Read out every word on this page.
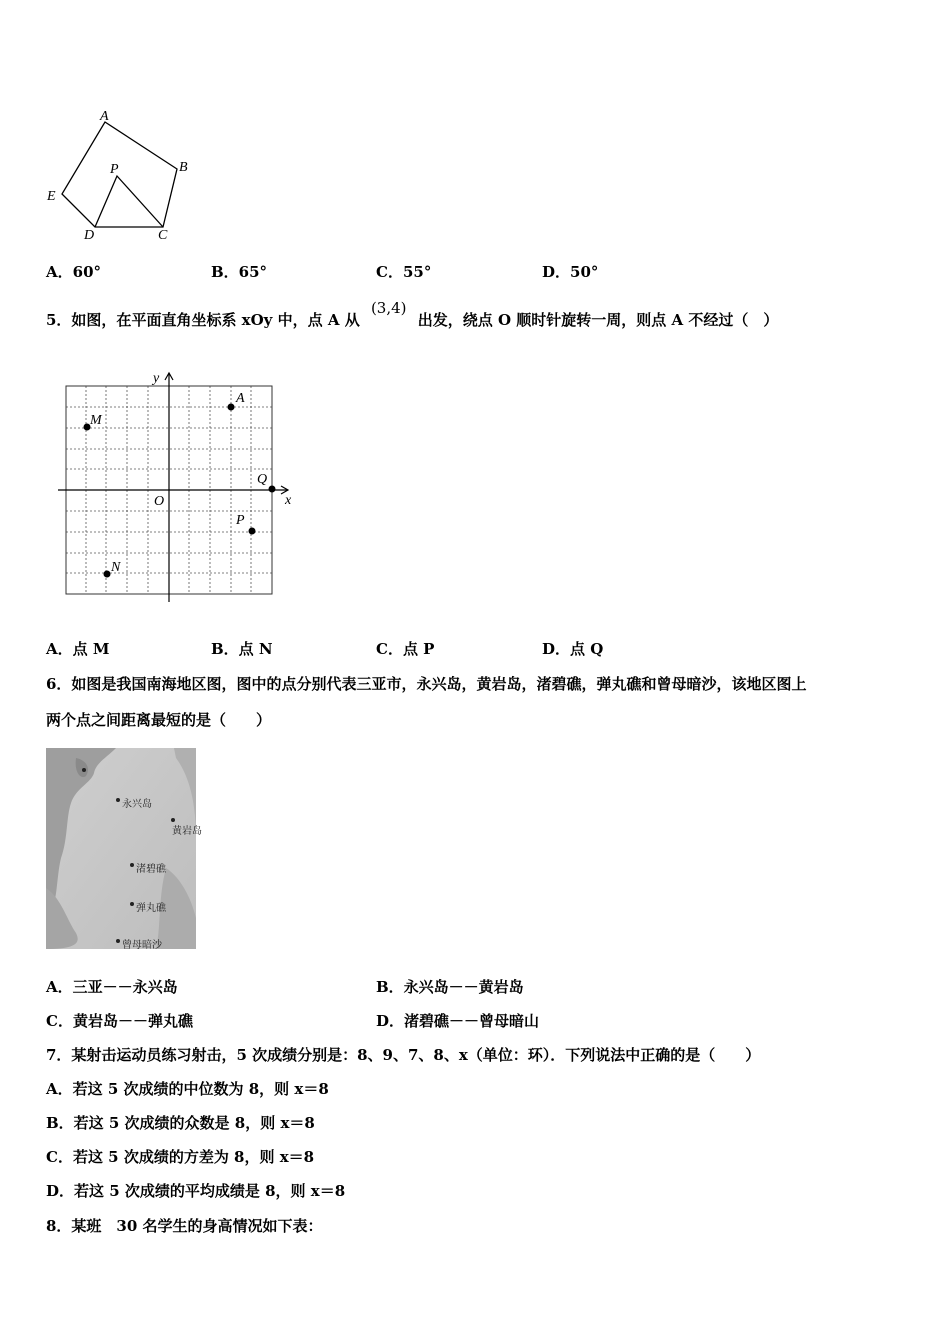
A
B
E
P
D	C
A．60°	B．65°	C．55°	D．50°
5．如图，在平面直角坐标系 xOy 中，点 A 从 (3,4) 出发，绕点 O 顺时针旋转一周，则点 A 不经过（　）
y
x
O
A
M
Q
P
N
A．点 M	B．点 N	C．点 P	D．点 Q
6．如图是我国南海地区图，图中的点分别代表三亚市，永兴岛，黄岩岛，渚碧礁，弹丸礁和曾母暗沙，该地区图上
两个点之间距离最短的是（　　）
永兴岛
黄岩岛
渚碧礁
弹丸礁
曾母暗沙
A．三亚－－永兴岛	B．永兴岛－－黄岩岛
C．黄岩岛－－弹丸礁	D．渚碧礁－－曾母暗山
7．某射击运动员练习射击，5 次成绩分别是：8、9、7、8、x（单位：环）．下列说法中正确的是（　　）
A．若这 5 次成绩的中位数为 8，则 x＝8
B．若这 5 次成绩的众数是 8，则 x＝8
C．若这 5 次成绩的方差为 8，则 x＝8
D．若这 5 次成绩的平均成绩是 8，则 x＝8
8．某班　30 名学生的身高情况如下表：
